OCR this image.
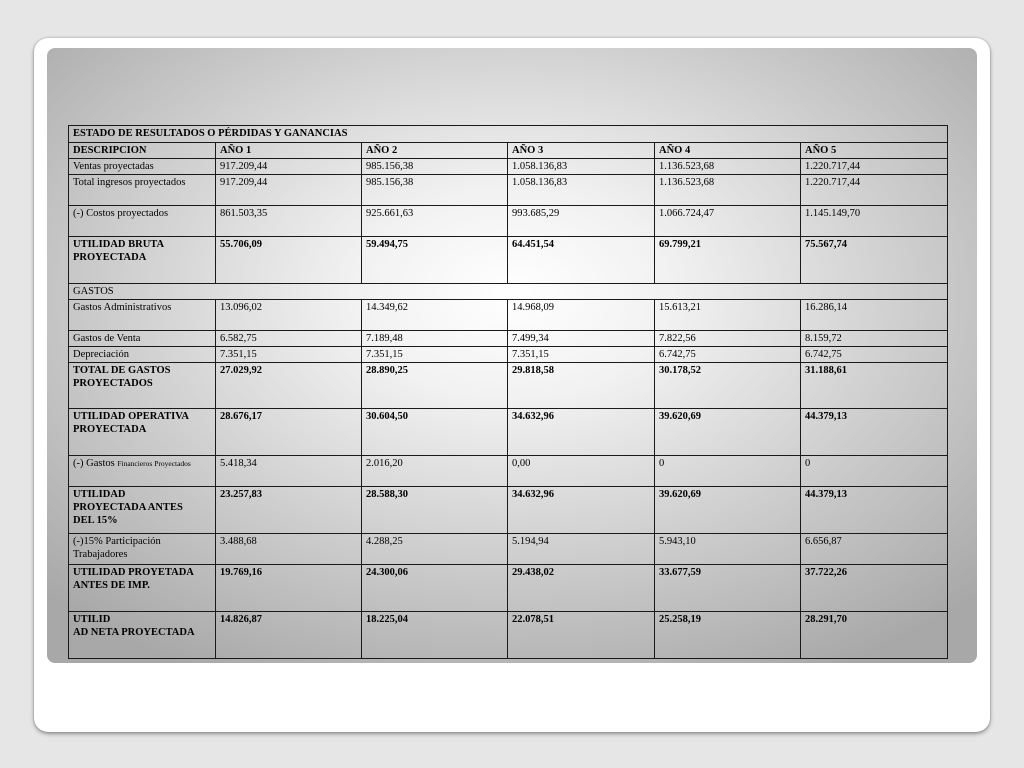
ESTADO DE RESULTADOS O PÉRDIDAS Y GANANCIAS					
DESCRIPCION	AÑO 1	AÑO 2	AÑO 3	AÑO 4	AÑO 5
Ventas proyectadas	917.209,44	985.156,38	1.058.136,83	1.136.523,68	1.220.717,44
Total ingresos proyectados	917.209,44	985.156,38	1.058.136,83	1.136.523,68	1.220.717,44
(-) Costos proyectados	861.503,35	925.661,63	993.685,29	1.066.724,47	1.145.149,70
UTILIDAD BRUTA
PROYECTADA	55.706,09	59.494,75	64.451,54	69.799,21	75.567,74
GASTOS					
Gastos Administrativos	13.096,02	14.349,62	14.968,09	15.613,21	16.286,14
Gastos de Venta	6.582,75	7.189,48	7.499,34	7.822,56	8.159,72
Depreciación	7.351,15	7.351,15	7.351,15	6.742,75	6.742,75
TOTAL DE GASTOS
PROYECTADOS	27.029,92	28.890,25	29.818,58	30.178,52	31.188,61
UTILIDAD OPERATIVA
PROYECTADA	28.676,17	30.604,50	34.632,96	39.620,69	44.379,13
(-) Gastos Financieros Proyectados	5.418,34	2.016,20	0,00	0	0
UTILIDAD
PROYECTADA ANTES
DEL 15%	23.257,83	28.588,30	34.632,96	39.620,69	44.379,13
(-)15% Participación
Trabajadores	3.488,68	4.288,25	5.194,94	5.943,10	6.656,87
UTILIDAD PROYETADA
ANTES DE IMP.	19.769,16	24.300,06	29.438,02	33.677,59	37.722,26
UTILID
AD NETA PROYECTADA	14.826,87	18.225,04	22.078,51	25.258,19	28.291,70
